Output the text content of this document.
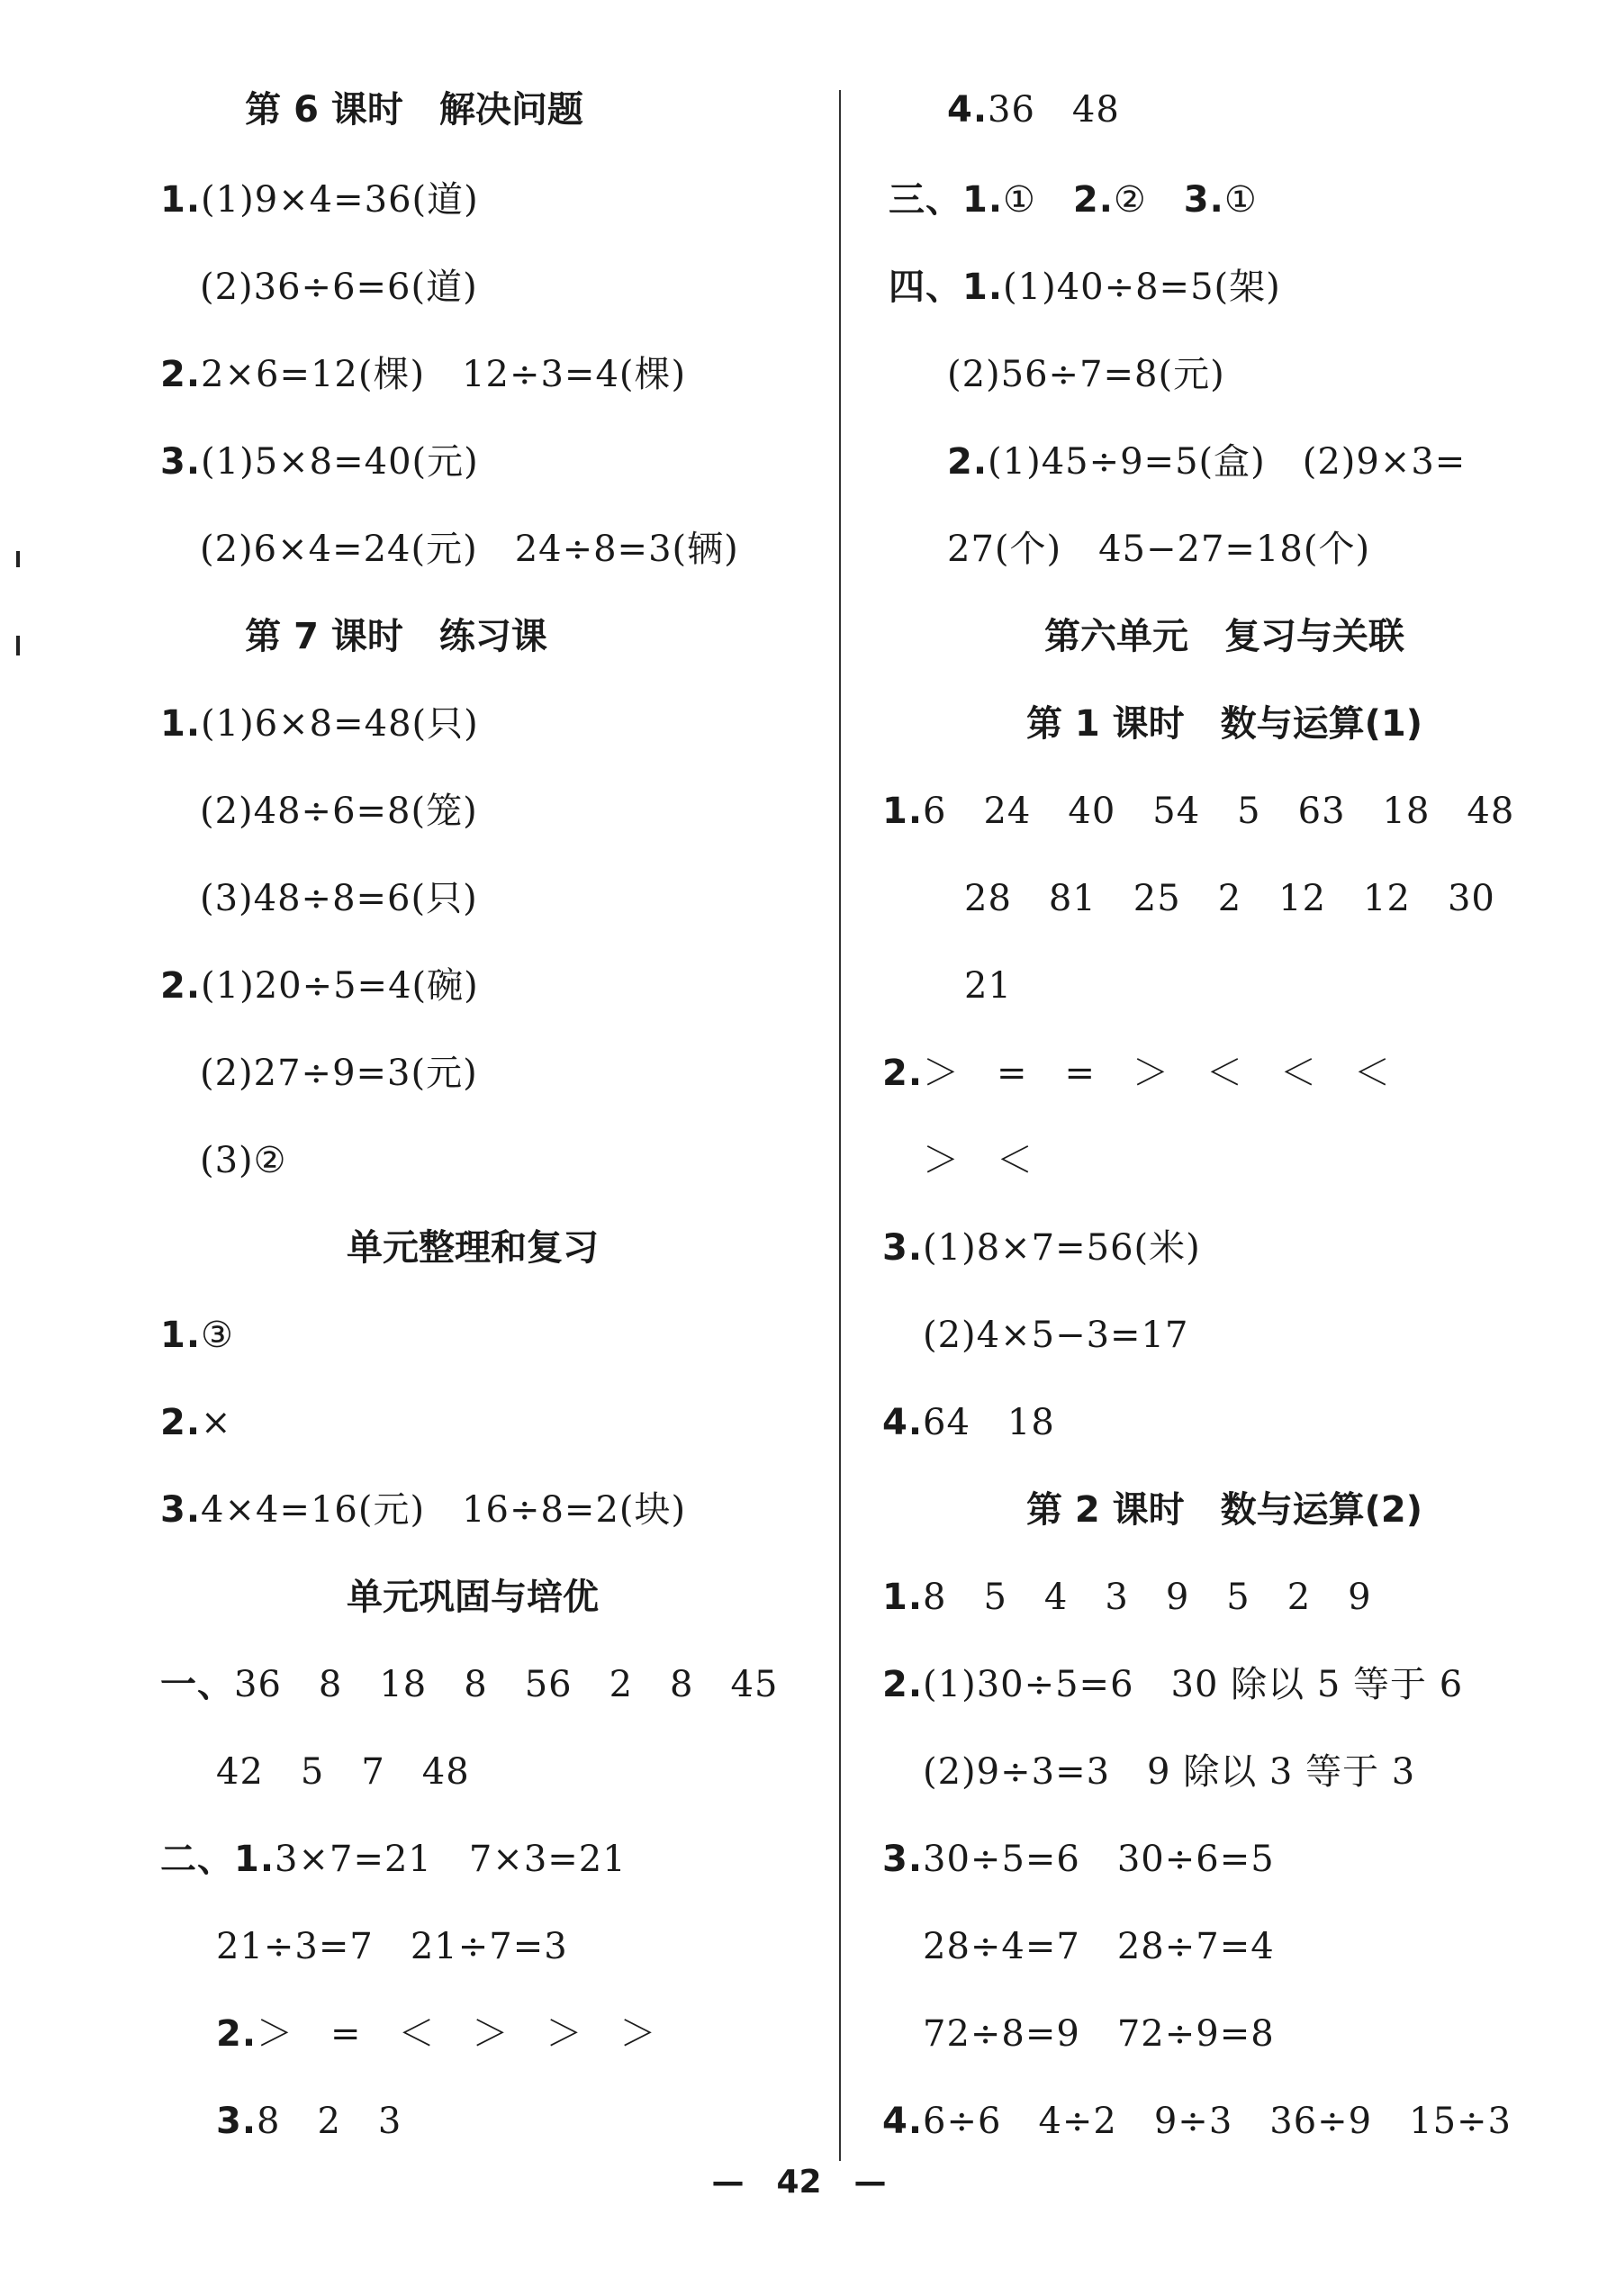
第 6 课时　解决问题
1.(1)9×4=36(道)
(2)36÷6=6(道)
2.2×6=12(棵)　12÷3=4(棵)
3.(1)5×8=40(元)
(2)6×4=24(元)　24÷8=3(辆)
第 7 课时　练习课
1.(1)6×8=48(只)
(2)48÷6=8(笼)
(3)48÷8=6(只)
2.(1)20÷5=4(碗)
(2)27÷9=3(元)
(3)②
单元整理和复习
1.③
2.×
3.4×4=16(元)　16÷8=2(块)
单元巩固与培优
一、36　8　18　8　56　2　8　45
42　5　7　48
二、1.3×7=21　7×3=21
21÷3=7　21÷7=3
2.＞　=　＜　＞　＞　＞
3.8　2　3
4.36　48
三、1.①　2.②　3.①
四、1.(1)40÷8=5(架)
(2)56÷7=8(元)
2.(1)45÷9=5(盒)　(2)9×3=
27(个)　45−27=18(个)
第六单元　复习与关联
第 1 课时　数与运算(1)
1.6　24　40　54　5　63　18　48
28　81　25　2　12　12　30
21
2.＞　=　=　＞　＜　＜　＜
＞　＜
3.(1)8×7=56(米)
(2)4×5−3=17
4.64　18
第 2 课时　数与运算(2)
1.8　5　4　3　9　5　2　9
2.(1)30÷5=6　30 除以 5 等于 6
(2)9÷3=3　9 除以 3 等于 3
3.30÷5=6　30÷6=5
28÷4=7　28÷7=4
72÷8=9　72÷9=8
4.6÷6　4÷2　9÷3　36÷9　15÷3
—　42　—
